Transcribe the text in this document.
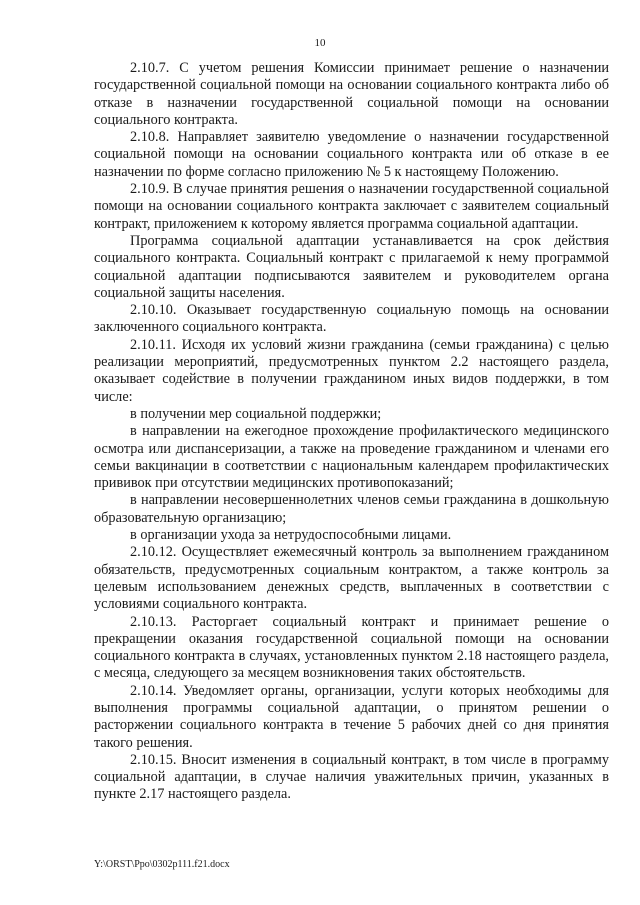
10

2.10.7. С учетом решения Комиссии принимает решение о назначении государственной социальной помощи на основании социального контракта либо об отказе в назначении государственной социальной помощи на основании социального контракта.

2.10.8. Направляет заявителю уведомление о назначении государственной социальной помощи на основании социального контракта или об отказе в ее назначении по форме согласно приложению № 5 к настоящему Положению.

2.10.9. В случае принятия решения о назначении государственной социальной помощи на основании социального контракта заключает с заявителем социальный контракт, приложением к которому является программа социальной адаптации.

Программа социальной адаптации устанавливается на срок действия социального контракта. Социальный контракт с прилагаемой к нему программой социальной адаптации подписываются заявителем и руководителем органа социальной защиты населения.

2.10.10. Оказывает государственную социальную помощь на основании заключенного социального контракта.

2.10.11. Исходя их условий жизни гражданина (семьи гражданина) с целью реализации мероприятий, предусмотренных пунктом 2.2 настоящего раздела, оказывает содействие в получении гражданином иных видов поддержки, в том числе:

в получении мер социальной поддержки;

в направлении на ежегодное прохождение профилактического медицинского осмотра или диспансеризации, а также на проведение гражданином и членами его семьи вакцинации в соответствии с национальным календарем профилактических прививок при отсутствии медицинских противопоказаний;

в направлении несовершеннолетних членов семьи гражданина в дошкольную образовательную организацию;

в организации ухода за нетрудоспособными лицами.

2.10.12. Осуществляет ежемесячный контроль за выполнением гражданином обязательств, предусмотренных социальным контрактом, а также контроль за целевым использованием денежных средств, выплаченных в соответствии с условиями социального контракта.

2.10.13. Расторгает социальный контракт и принимает решение о прекращении оказания государственной социальной помощи на основании социального контракта в случаях, установленных пунктом 2.18 настоящего раздела, с месяца, следующего за месяцем возникновения таких обстоятельств.

2.10.14. Уведомляет органы, организации, услуги которых необходимы для выполнения программы социальной адаптации, о принятом решении о расторжении социального контракта в течение 5 рабочих дней со дня принятия такого решения.

2.10.15. Вносит изменения в социальный контракт, в том числе в программу социальной адаптации, в случае наличия уважительных причин, указанных в пункте 2.17 настоящего раздела.

Y:\ORST\Ppo\0302p111.f21.docx
